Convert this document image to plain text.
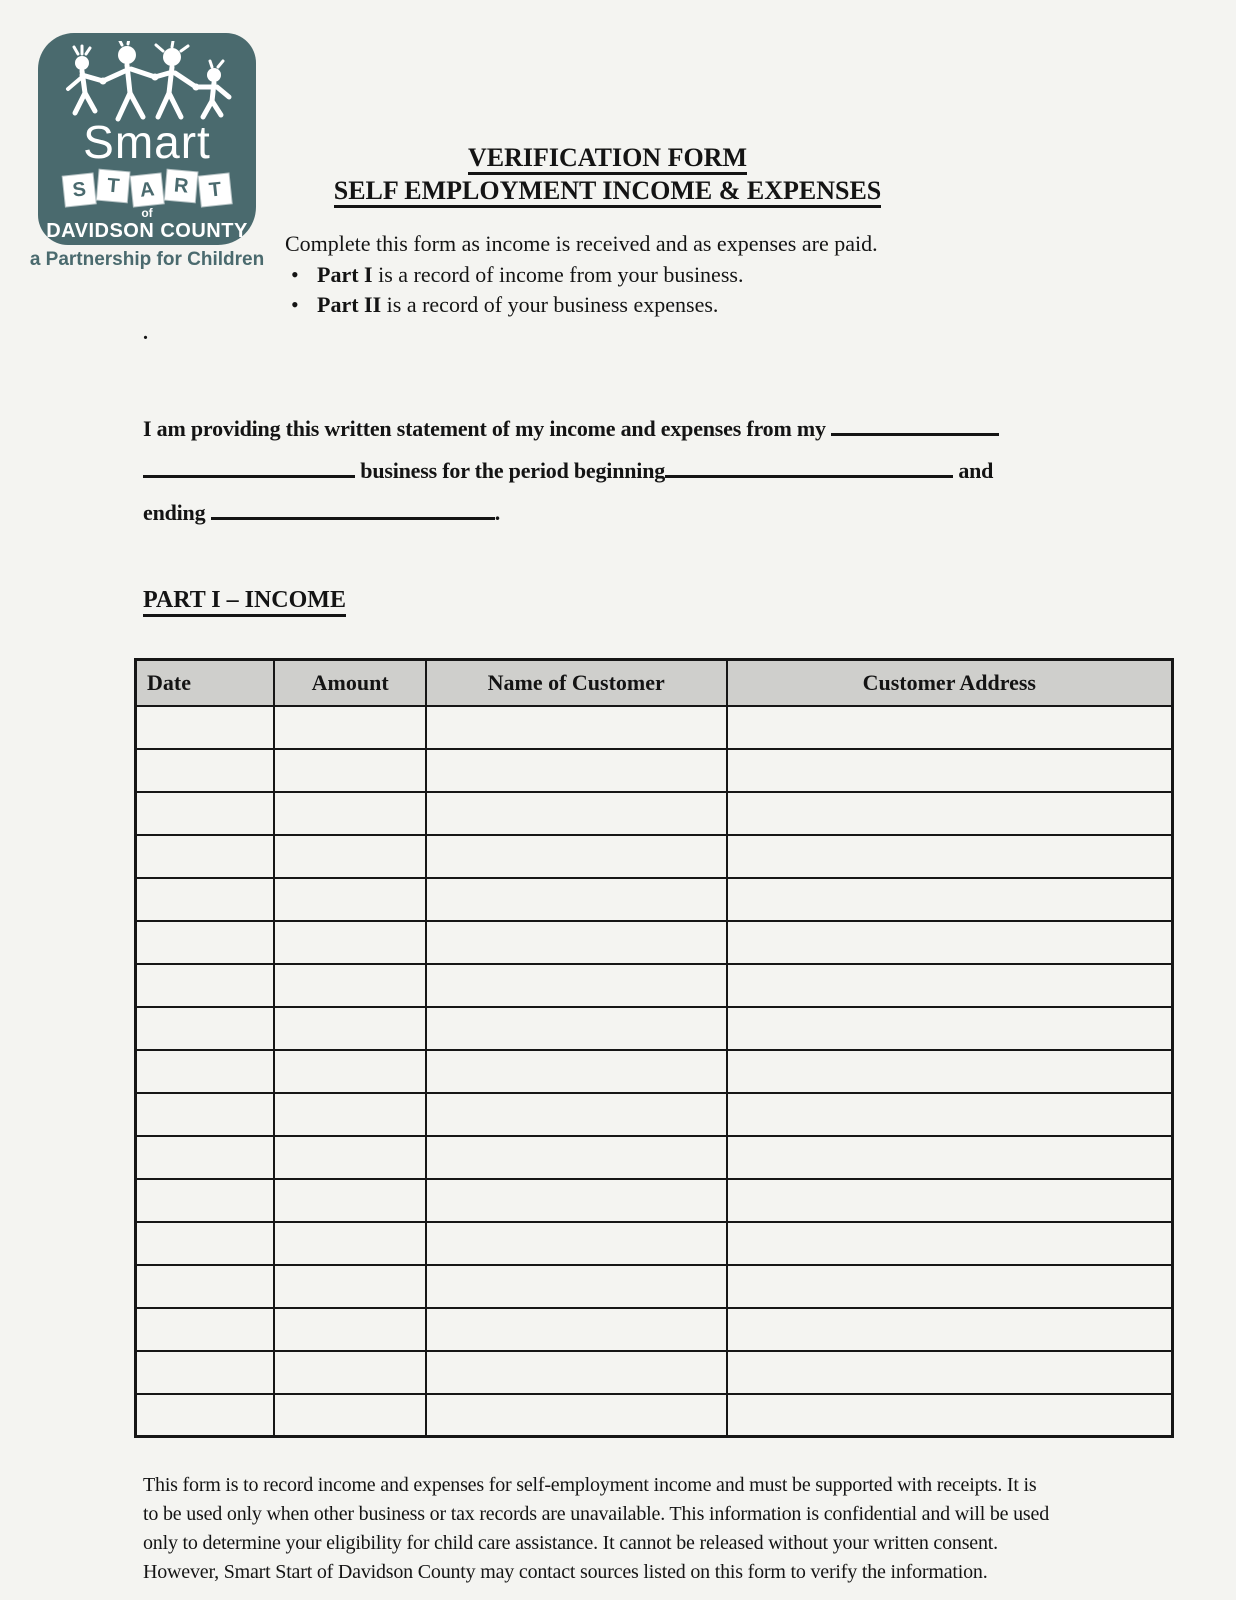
Smart
S T A R T
of
DAVIDSON COUNTY
a Partnership for Children
.
VERIFICATION FORM
SELF EMPLOYMENT INCOME & EXPENSES
Complete this form as income is received and as expenses are paid.
• Part I is a record of income from your business.
• Part II is a record of your business expenses.
I am providing this written statement of my income and expenses from my
business for the period beginning	and
ending	.
PART I – INCOME
Date	Amount	Name of Customer	Customer Address

This form is to record income and expenses for self-employment income and must be supported with receipts. It is
to be used only when other business or tax records are unavailable. This information is confidential and will be used
only to determine your eligibility for child care assistance. It cannot be released without your written consent.
However, Smart Start of Davidson County may contact sources listed on this form to verify the information.
